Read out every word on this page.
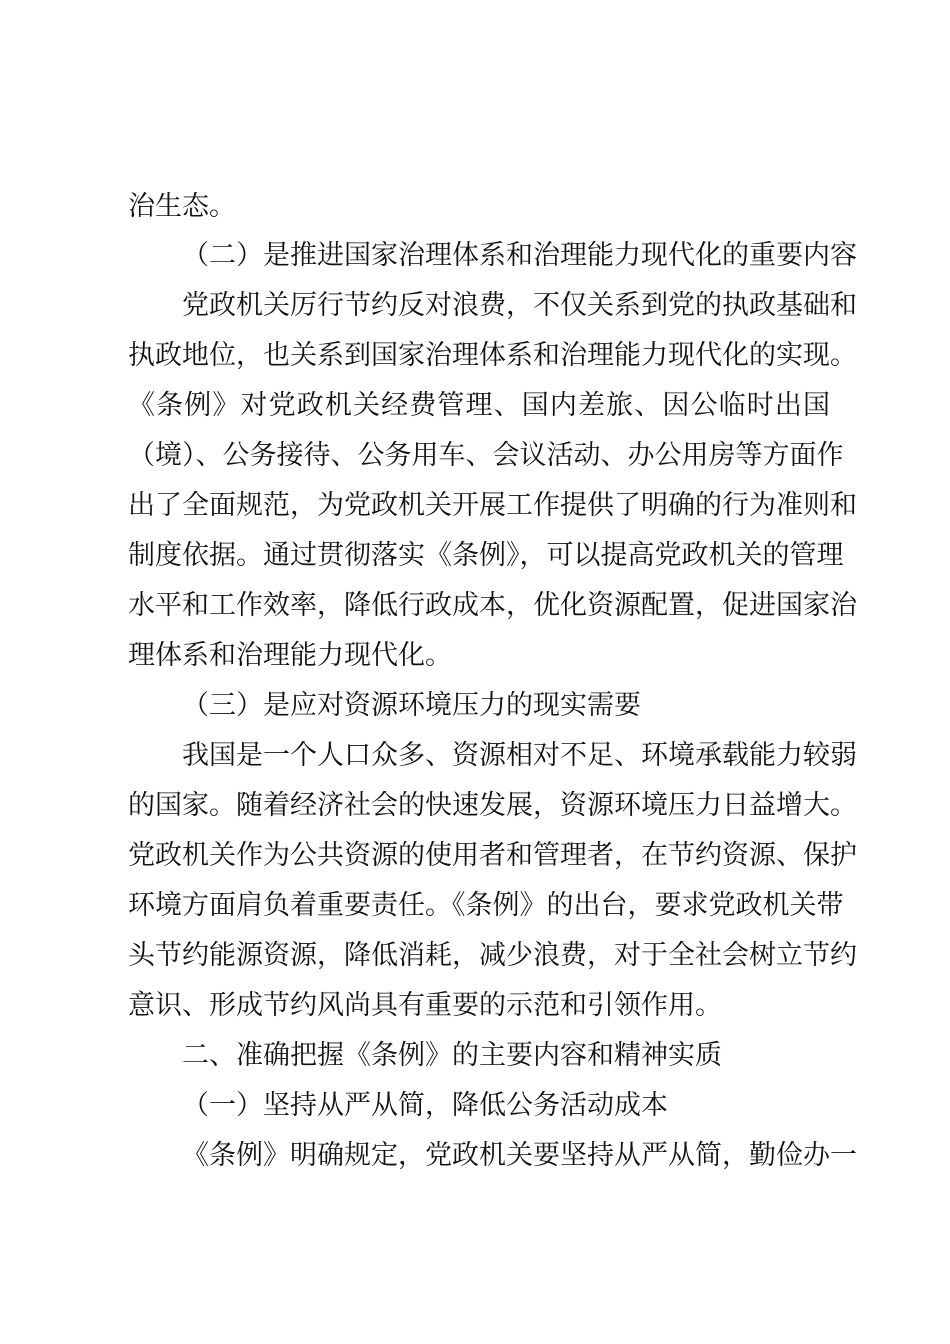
治生态。
（二）是推进国家治理体系和治理能力现代化的重要内容
党政机关厉行节约反对浪费，不仅关系到党的执政基础和
执政地位，也关系到国家治理体系和治理能力现代化的实现。
《条例》对党政机关经费管理、国内差旅、因公临时出国
（境）、公务接待、公务用车、会议活动、办公用房等方面作
出了全面规范，为党政机关开展工作提供了明确的行为准则和
制度依据。通过贯彻落实《条例》，可以提高党政机关的管理
水平和工作效率，降低行政成本，优化资源配置，促进国家治
理体系和治理能力现代化。
（三）是应对资源环境压力的现实需要
我国是一个人口众多、资源相对不足、环境承载能力较弱
的国家。随着经济社会的快速发展，资源环境压力日益增大。
党政机关作为公共资源的使用者和管理者，在节约资源、保护
环境方面肩负着重要责任。《条例》的出台，要求党政机关带
头节约能源资源，降低消耗，减少浪费，对于全社会树立节约
意识、形成节约风尚具有重要的示范和引领作用。
二、准确把握《条例》的主要内容和精神实质
（一）坚持从严从简，降低公务活动成本
《条例》明确规定，党政机关要坚持从严从简，勤俭办一
